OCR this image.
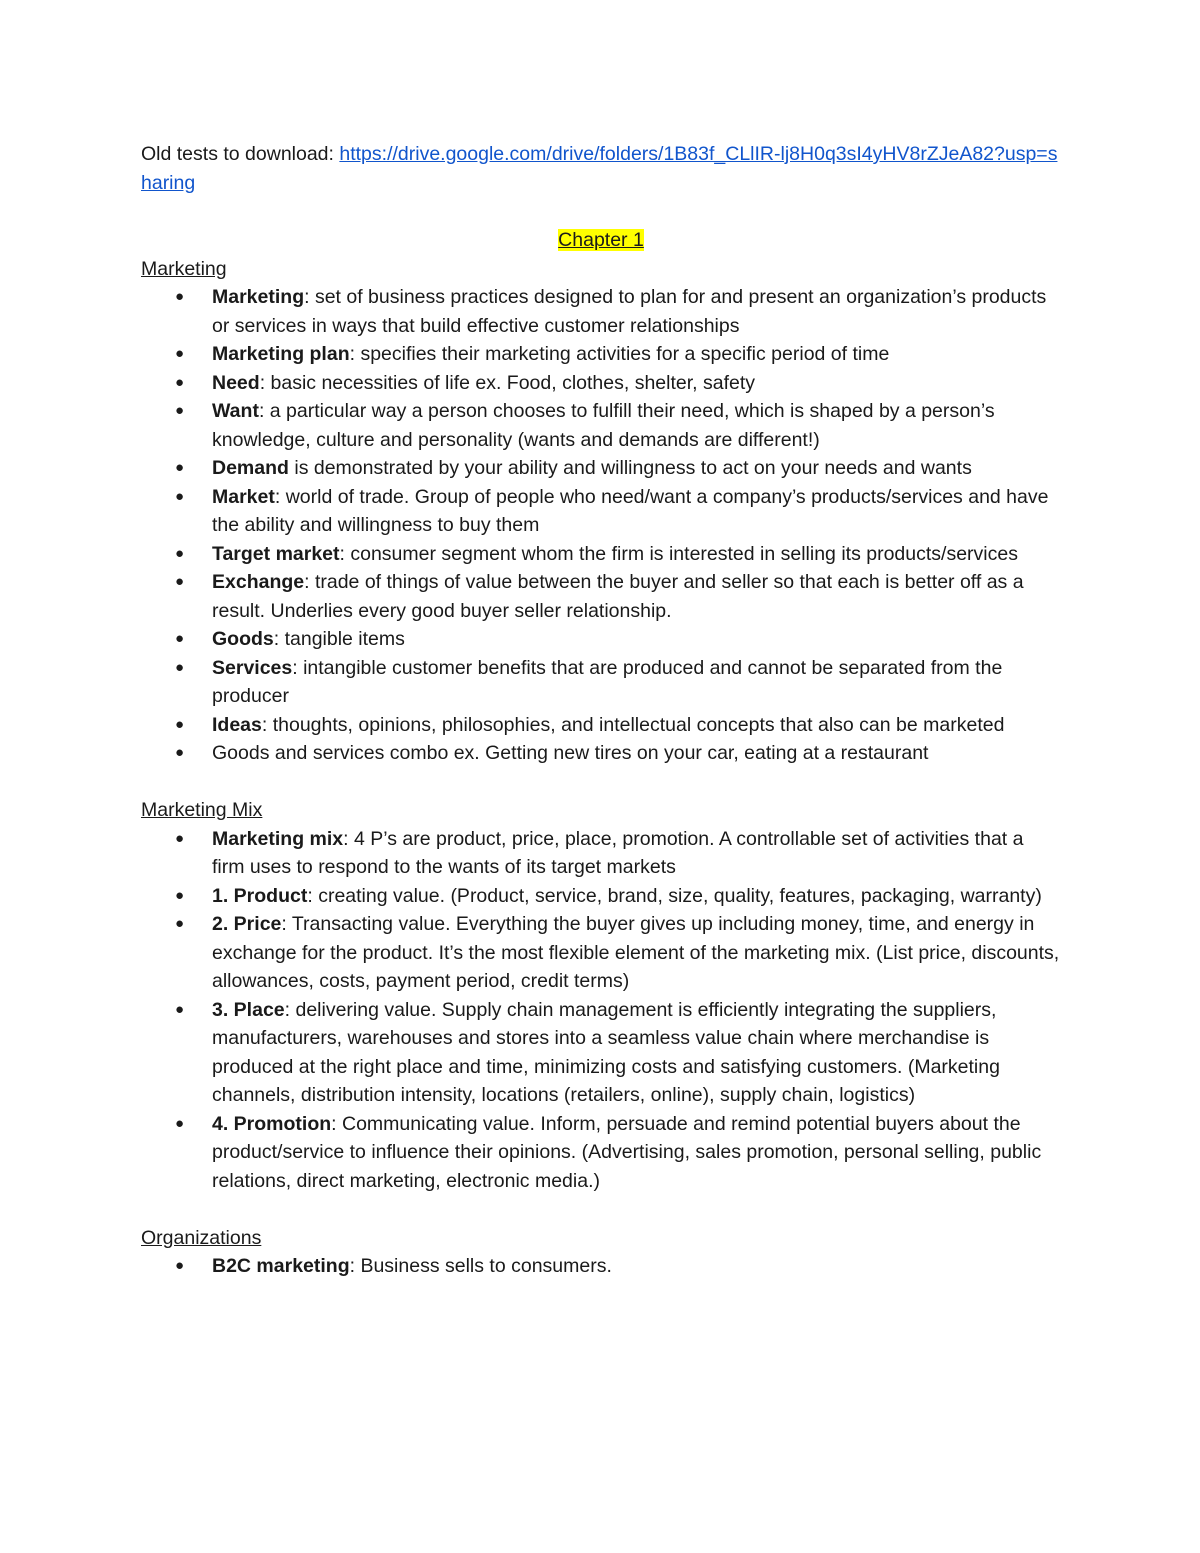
Old tests to download: https://drive.google.com/drive/folders/1B83f_CLlIR-lj8H0q3sI4yHV8rZJeA82?usp=sharing

Chapter 1

Marketing

● Marketing: set of business practices designed to plan for and present an organization’s products or services in ways that build effective customer relationships
● Marketing plan: specifies their marketing activities for a specific period of time
● Need: basic necessities of life ex. Food, clothes, shelter, safety
● Want: a particular way a person chooses to fulfill their need, which is shaped by a person’s knowledge, culture and personality (wants and demands are different!)
● Demand is demonstrated by your ability and willingness to act on your needs and wants
● Market: world of trade. Group of people who need/want a company’s products/services and have the ability and willingness to buy them
● Target market: consumer segment whom the firm is interested in selling its products/services
● Exchange: trade of things of value between the buyer and seller so that each is better off as a result. Underlies every good buyer seller relationship.
● Goods: tangible items
● Services: intangible customer benefits that are produced and cannot be separated from the producer
● Ideas: thoughts, opinions, philosophies, and intellectual concepts that also can be marketed
● Goods and services combo ex. Getting new tires on your car, eating at a restaurant

Marketing Mix

● Marketing mix: 4 P’s are product, price, place, promotion. A controllable set of activities that a firm uses to respond to the wants of its target markets
● 1. Product: creating value. (Product, service, brand, size, quality, features, packaging, warranty)
● 2. Price: Transacting value. Everything the buyer gives up including money, time, and energy in exchange for the product. It’s the most flexible element of the marketing mix. (List price, discounts, allowances, costs, payment period, credit terms)
● 3. Place: delivering value. Supply chain management is efficiently integrating the suppliers, manufacturers, warehouses and stores into a seamless value chain where merchandise is produced at the right place and time, minimizing costs and satisfying customers. (Marketing channels, distribution intensity, locations (retailers, online), supply chain, logistics)
● 4. Promotion: Communicating value. Inform, persuade and remind potential buyers about the product/service to influence their opinions. (Advertising, sales promotion, personal selling, public relations, direct marketing, electronic media.)

Organizations

● B2C marketing: Business sells to consumers.
